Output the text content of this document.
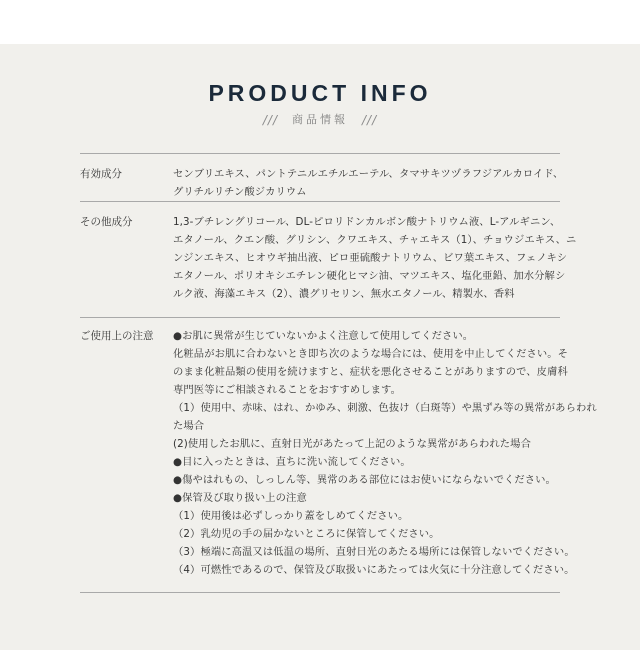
PRODUCT INFO
/// 商品情報 ///
有効成分	センブリエキス、パントテニルエチルエーテル、タマサキツヅラフジアルカロイド、
グリチルリチン酸ジカリウム
その他成分	1,3-ブチレングリコール、DL-ピロリドンカルボン酸ナトリウム液、L-アルギニン、
エタノール、クエン酸、グリシン、クワエキス、チャエキス（1）、チョウジエキス、ニ
ンジンエキス、ヒオウギ抽出液、ピロ亜硫酸ナトリウム、ビワ葉エキス、フェノキシ
エタノール、ポリオキシエチレン硬化ヒマシ油、マツエキス、塩化亜鉛、加水分解シ
ルク液、海藻エキス（2）、濃グリセリン、無水エタノール、精製水、香料
ご使用上の注意	●お肌に異常が生じていないかよく注意して使用してください。
化粧品がお肌に合わないとき即ち次のような場合には、使用を中止してください。そ
のまま化粧品類の使用を続けますと、症状を悪化させることがありますので、皮膚科
専門医等にご相談されることをおすすめします。
（1）使用中、赤味、はれ、かゆみ、刺激、色抜け（白斑等）や黒ずみ等の異常があらわれ
た場合
(2)使用したお肌に、直射日光があたって上記のような異常があらわれた場合
●目に入ったときは、直ちに洗い流してください。
●傷やはれもの、しっしん等、異常のある部位にはお使いにならないでください。
●保管及び取り扱い上の注意
（1）使用後は必ずしっかり蓋をしめてください。
（2）乳幼児の手の届かないところに保管してください。
（3）極端に高温又は低温の場所、直射日光のあたる場所には保管しないでください。
（4）可燃性であるので、保管及び取扱いにあたっては火気に十分注意してください。
